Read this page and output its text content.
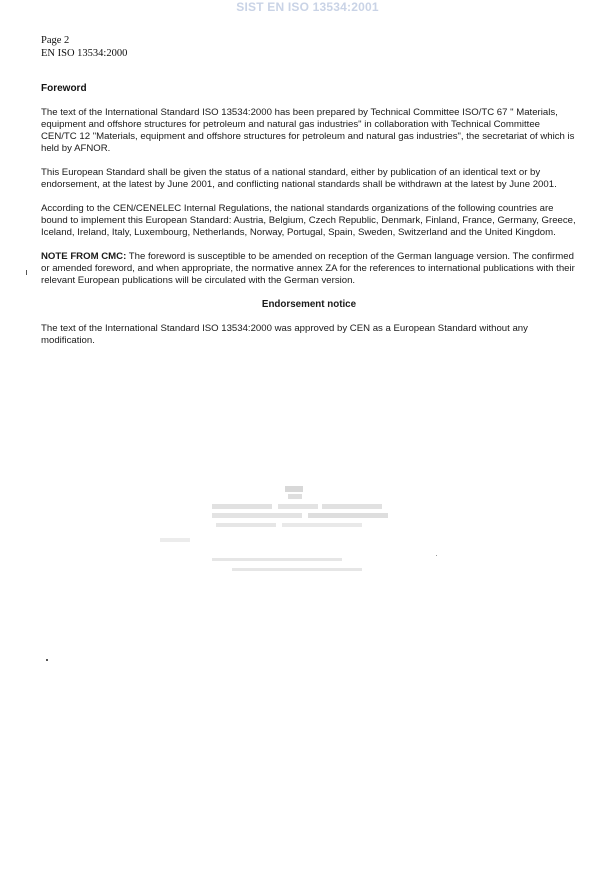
SIST EN ISO 13534:2001
Page 2
EN ISO 13534:2000
Foreword

The text of the International Standard ISO 13534:2000 has been prepared by Technical Committee ISO/TC 67 " Materials, equipment and offshore structures for petroleum and natural gas industries" in collaboration with Technical Committee CEN/TC 12 "Materials, equipment and offshore structures for petroleum and natural gas industries", the secretariat of which is held by AFNOR.

This European Standard shall be given the status of a national standard, either by publication of an identical text or by endorsement, at the latest by June 2001, and conflicting national standards shall be withdrawn at the latest by June 2001.

According to the CEN/CENELEC Internal Regulations, the national standards organizations of the following countries are bound to implement this European Standard: Austria, Belgium, Czech Republic, Denmark, Finland, France, Germany, Greece, Iceland, Ireland, Italy, Luxembourg, Netherlands, Norway, Portugal, Spain, Sweden, Switzerland and the United Kingdom.

NOTE FROM CMC: The foreword is susceptible to be amended on reception of the German language version. The confirmed or amended foreword, and when appropriate, the normative annex ZA for the references to international publications with their relevant European publications will be circulated with the German version.

Endorsement notice

The text of the International Standard ISO 13534:2000 was approved by CEN as a European Standard without any modification.
